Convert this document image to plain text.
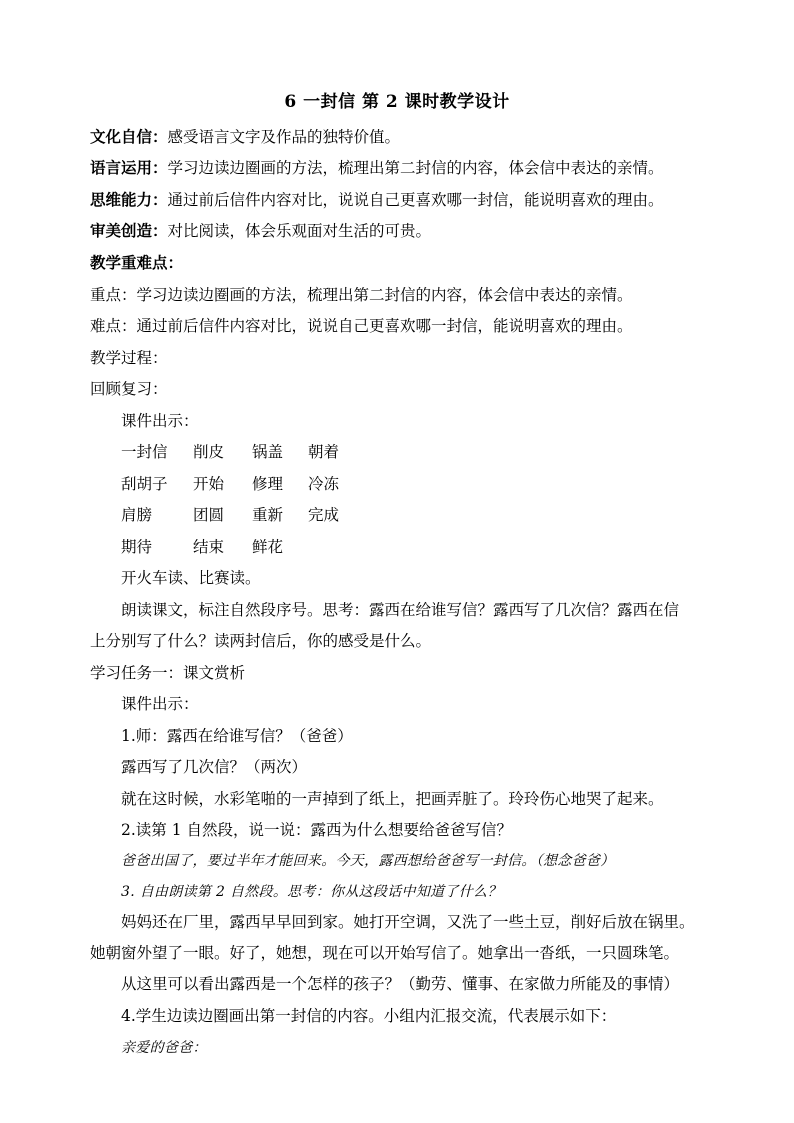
6 一封信 第 2 课时教学设计
文化自信：感受语言文字及作品的独特价值。
语言运用：学习边读边圈画的方法，梳理出第二封信的内容，体会信中表达的亲情。
思维能力：通过前后信件内容对比，说说自己更喜欢哪一封信，能说明喜欢的理由。
审美创造：对比阅读，体会乐观面对生活的可贵。
教学重难点：
重点：学习边读边圈画的方法，梳理出第二封信的内容，体会信中表达的亲情。
难点：通过前后信件内容对比，说说自己更喜欢哪一封信，能说明喜欢的理由。
教学过程：
回顾复习：
课件出示：
一封信 削皮 锅盖 朝着
刮胡子 开始 修理 冷冻
肩膀	团圆 重新 完成
期待	结束 鲜花
开火车读、比赛读。
朗读课文，标注自然段序号。思考：露西在给谁写信？露西写了几次信？露西在信
上分别写了什么？读两封信后，你的感受是什么。
学习任务一：课文赏析
课件出示：
1.师：露西在给谁写信？（爸爸）
露西写了几次信？（两次）
就在这时候，水彩笔啪的一声掉到了纸上，把画弄脏了。玲玲伤心地哭了起来。
2.读第 1 自然段，说一说：露西为什么想要给爸爸写信？
爸爸出国了，要过半年才能回来。今天，露西想给爸爸写一封信。（想念爸爸）
3. 自由朗读第 2 自然段。思考：你从这段话中知道了什么？
妈妈还在厂里，露西早早回到家。她打开空调，又洗了一些土豆，削好后放在锅里。
她朝窗外望了一眼。好了，她想，现在可以开始写信了。她拿出一沓纸，一只圆珠笔。
从这里可以看出露西是一个怎样的孩子？（勤劳、懂事、在家做力所能及的事情）
4.学生边读边圈画出第一封信的内容。小组内汇报交流，代表展示如下：
亲爱的爸爸：
